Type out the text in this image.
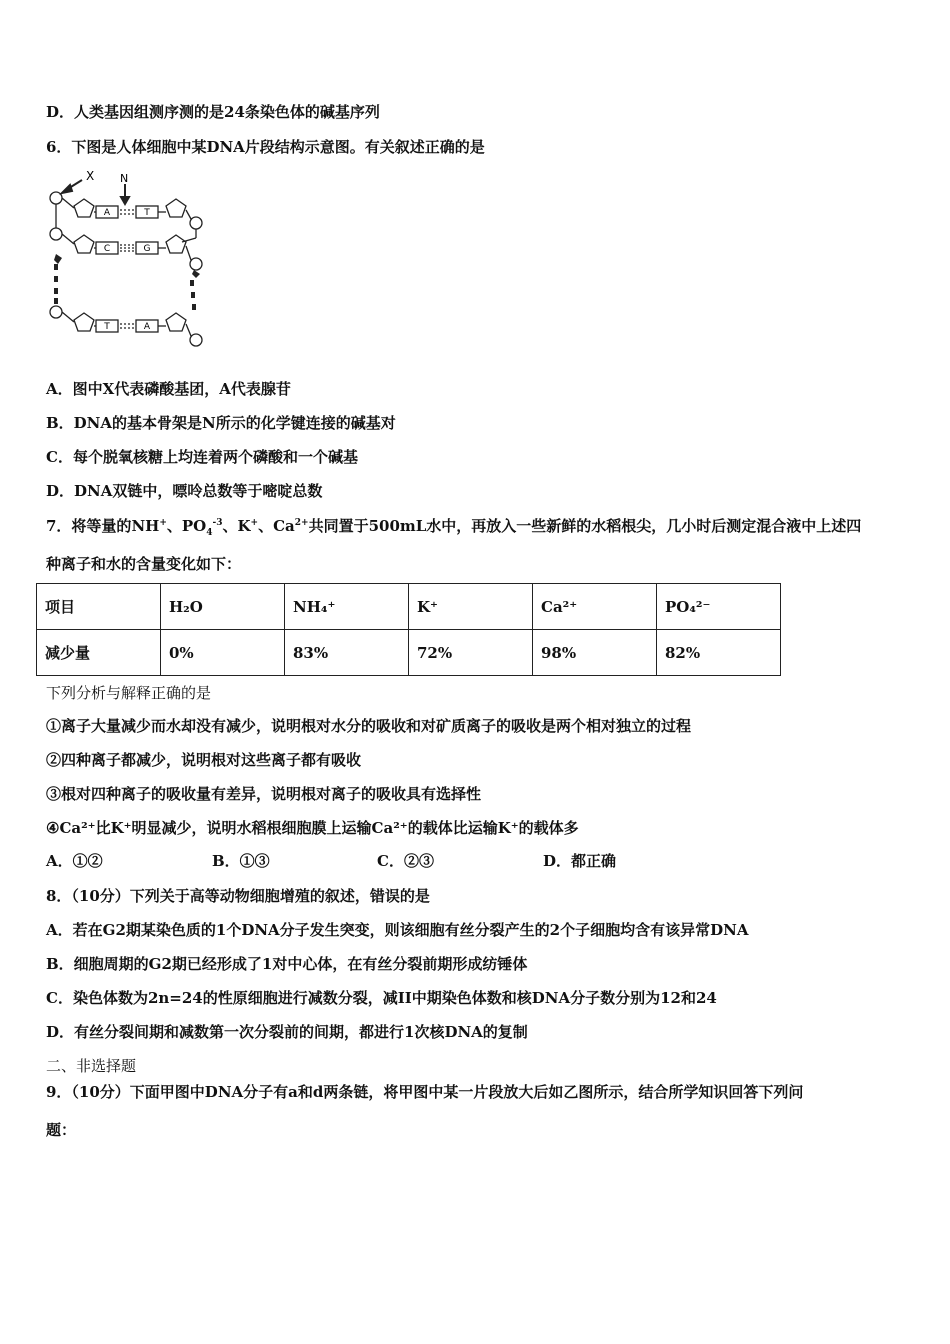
D．人类基因组测序测的是24条染色体的碱基序列
6．下图是人体细胞中某DNA片段结构示意图。有关叙述正确的是
X N
A	T
C	G
T	A
A．图中X代表磷酸基团，A代表腺苷
B．DNA的基本骨架是N所示的化学键连接的碱基对
C．每个脱氧核糖上均连着两个磷酸和一个碱基
D．DNA双链中，嘌呤总数等于嘧啶总数
7．将等量的NH+、$PO_4^{-3}$、K+、$Ca^{2+}$共同置于500mL水中，再放入一些新鲜的水稻根尖，几小时后测定混合液中上述四
种离子和水的含量变化如下：
项目	H₂O	NH₄⁺	K⁺	Ca²⁺	PO₄²⁻
减少量	0%	83%	72%	98%	82%
下列分析与解释正确的是
①离子大量减少而水却没有减少，说明根对水分的吸收和对矿质离子的吸收是两个相对独立的过程
②四种离子都减少，说明根对这些离子都有吸收
③根对四种离子的吸收量有差异，说明根对离子的吸收具有选择性
④Ca²⁺比K⁺明显减少，说明水稻根细胞膜上运输Ca²⁺的载体比运输K⁺的载体多
A．①②	B．①③	C．②③	D．都正确
8．（10分）下列关于高等动物细胞增殖的叙述，错误的是
A．若在G2期某染色质的1个DNA分子发生突变，则该细胞有丝分裂产生的2个子细胞均含有该异常DNA
B．细胞周期的G2期已经形成了1对中心体，在有丝分裂前期形成纺锤体
C．染色体数为2n=24的性原细胞进行减数分裂，减II中期染色体数和核DNA分子数分别为12和24
D．有丝分裂间期和减数第一次分裂前的间期，都进行1次核DNA的复制
二、非选择题
9．（10分）下面甲图中DNA分子有a和d两条链，将甲图中某一片段放大后如乙图所示，结合所学知识回答下列问
题：
